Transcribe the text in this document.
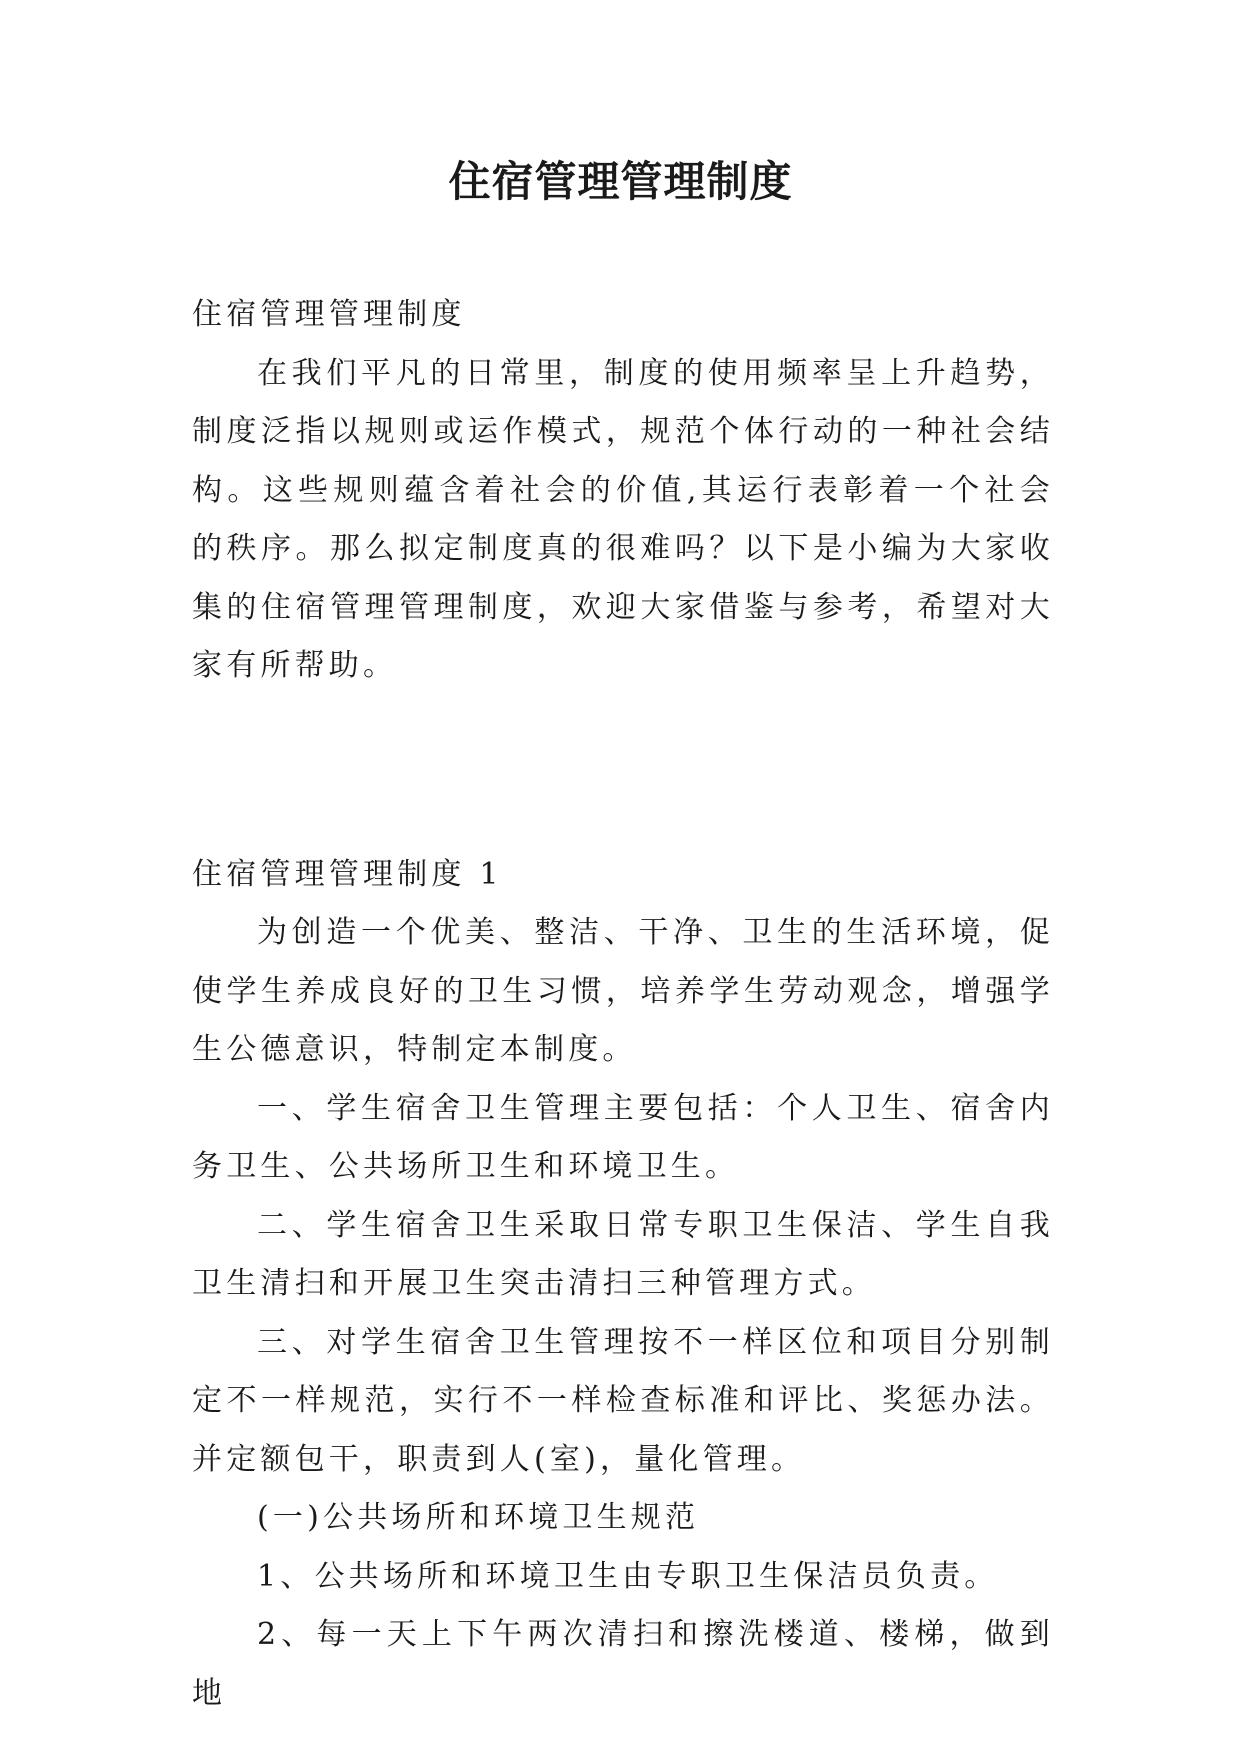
住宿管理管理制度

住宿管理管理制度

在我们平凡的日常里，制度的使用频率呈上升趋势，制度泛指以规则或运作模式，规范个体行动的一种社会结构。这些规则蕴含着社会的价值,其运行表彰着一个社会的秩序。那么拟定制度真的很难吗？以下是小编为大家收集的住宿管理管理制度，欢迎大家借鉴与参考，希望对大家有所帮助。

住宿管理管理制度 1

为创造一个优美、整洁、干净、卫生的生活环境，促使学生养成良好的卫生习惯，培养学生劳动观念，增强学生公德意识，特制定本制度。

一、学生宿舍卫生管理主要包括：个人卫生、宿舍内务卫生、公共场所卫生和环境卫生。

二、学生宿舍卫生采取日常专职卫生保洁、学生自我卫生清扫和开展卫生突击清扫三种管理方式。

三、对学生宿舍卫生管理按不一样区位和项目分别制定不一样规范，实行不一样检查标准和评比、奖惩办法。并定额包干，职责到人(室)，量化管理。

(一)公共场所和环境卫生规范

1、公共场所和环境卫生由专职卫生保洁员负责。

2、每一天上下午两次清扫和擦洗楼道、楼梯，做到地
